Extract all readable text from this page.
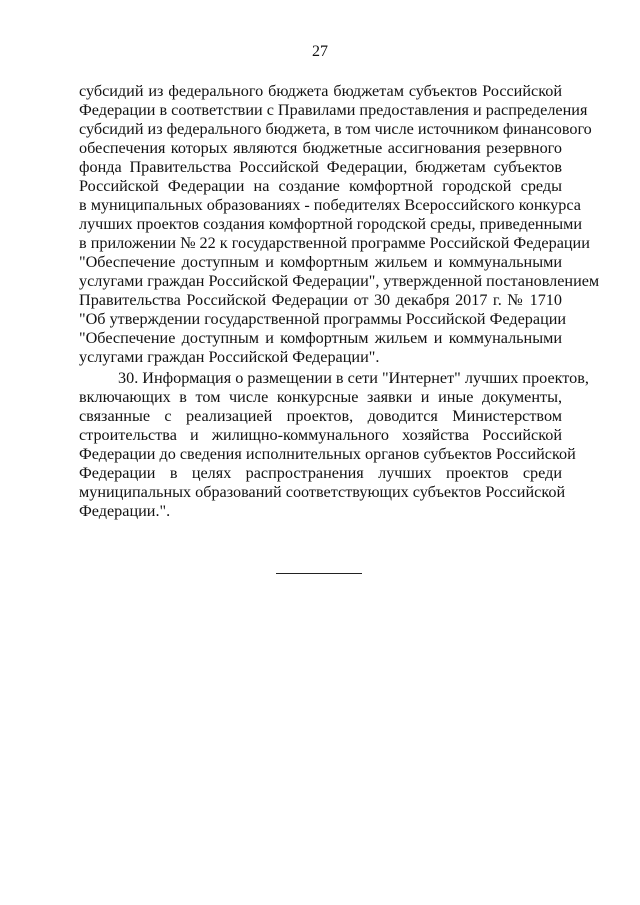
27
субсидий из федерального бюджета бюджетам субъектов Российской
Федерации в соответствии с Правилами предоставления и распределения
субсидий из федерального бюджета, в том числе источником финансового
обеспечения которых являются бюджетные ассигнования резервного
фонда Правительства Российской Федерации, бюджетам субъектов
Российской Федерации на создание комфортной городской среды
в муниципальных образованиях - победителях Всероссийского конкурса
лучших проектов создания комфортной городской среды, приведенными
в приложении № 22 к государственной программе Российской Федерации
"Обеспечение доступным и комфортным жильем и коммунальными
услугами граждан Российской Федерации", утвержденной постановлением
Правительства Российской Федерации от 30 декабря 2017 г. № 1710
"Об утверждении государственной программы Российской Федерации
"Обеспечение доступным и комфортным жильем и коммунальными
услугами граждан Российской Федерации".
30. Информация о размещении в сети "Интернет" лучших проектов,
включающих в том числе конкурсные заявки и иные документы,
связанные с реализацией проектов, доводится Министерством
строительства и жилищно-коммунального хозяйства Российской
Федерации до сведения исполнительных органов субъектов Российской
Федерации в целях распространения лучших проектов среди
муниципальных образований соответствующих субъектов Российской
Федерации.".
